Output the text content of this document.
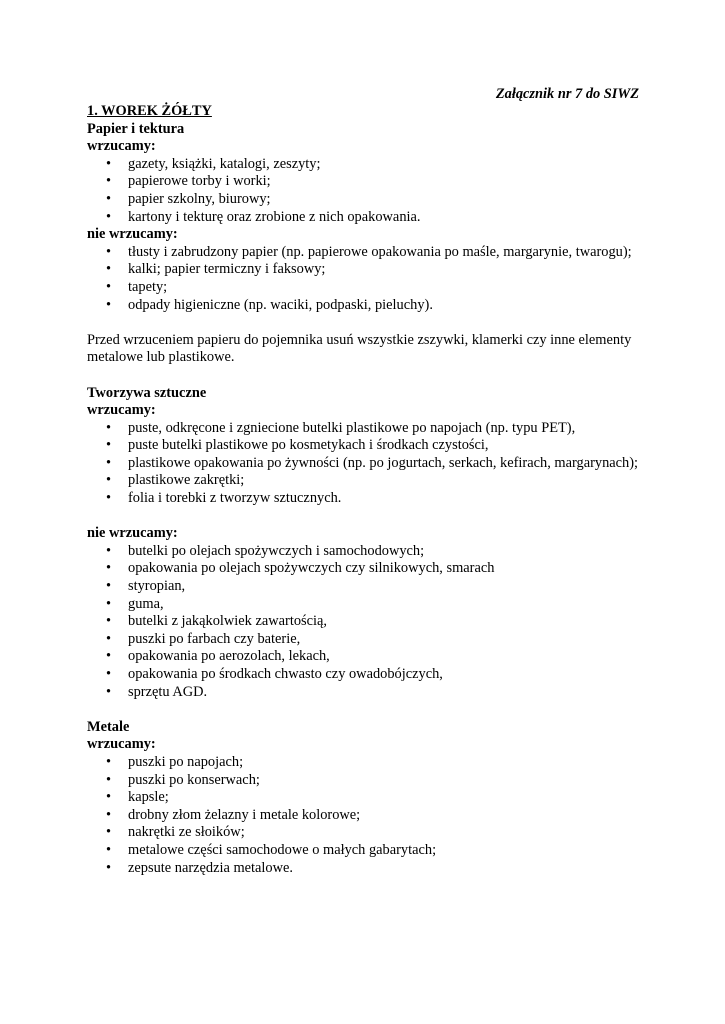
Załącznik nr 7 do SIWZ
1. WOREK ŻÓŁTY
Papier i tektura
wrzucamy:
• gazety, książki, katalogi, zeszyty;
• papierowe torby i worki;
• papier szkolny, biurowy;
• kartony i tekturę oraz zrobione z nich opakowania.
nie wrzucamy:
• tłusty i zabrudzony papier (np. papierowe opakowania po maśle, margarynie, twarogu);
• kalki; papier termiczny i faksowy;
• tapety;
• odpady higieniczne (np. waciki, podpaski, pieluchy).

Przed wrzuceniem papieru do pojemnika usuń wszystkie zszywki, klamerki czy inne elementy metalowe lub plastikowe.

Tworzywa sztuczne
wrzucamy:
• puste, odkręcone i zgniecione butelki plastikowe po napojach (np. typu PET),
• puste butelki plastikowe po kosmetykach i środkach czystości,
• plastikowe opakowania po żywności (np. po jogurtach, serkach, kefirach, margarynach);
• plastikowe zakrętki;
• folia i torebki z tworzyw sztucznych.
nie wrzucamy:
• butelki po olejach spożywczych i samochodowych;
• opakowania po olejach spożywczych czy silnikowych, smarach
• styropian,
• guma,
• butelki z jakąkolwiek zawartością,
• puszki po farbach czy baterie,
• opakowania po aerozolach, lekach,
• opakowania po środkach chwasto czy owadobójczych,
• sprzętu AGD.
Metale
wrzucamy:
• puszki po napojach;
• puszki po konserwach;
• kapsle;
• drobny złom żelazny i metale kolorowe;
• nakrętki ze słoików;
• metalowe części samochodowe o małych gabarytach;
• zepsute narzędzia metalowe.
